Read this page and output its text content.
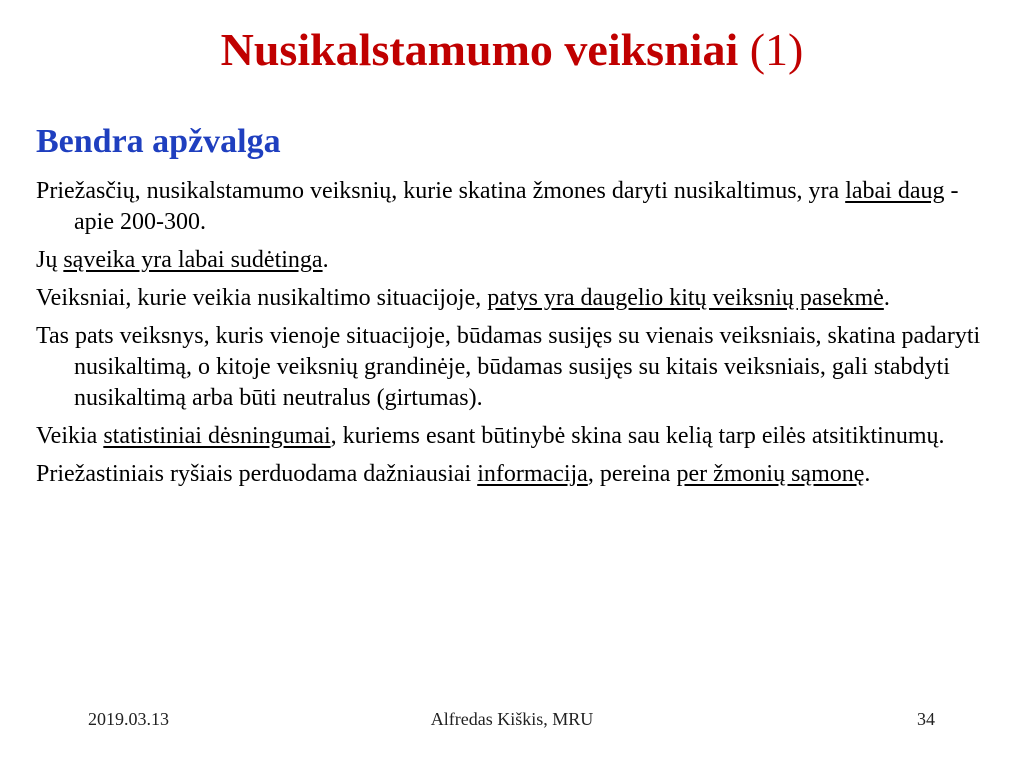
Nusikalstamumo veiksniai (1)
Bendra apžvalga

Priežasčių, nusikalstamumo veiksnių, kurie skatina žmones daryti nusikaltimus, yra labai daug - apie 200-300.

Jų sąveika yra labai sudėtinga.

Veiksniai, kurie veikia nusikaltimo situacijoje, patys yra daugelio kitų veiksnių pasekmė.

Tas pats veiksnys, kuris vienoje situacijoje, būdamas susijęs su vienais veiksniais, skatina padaryti nusikaltimą, o kitoje veiksnių grandinėje, būdamas susijęs su kitais veiksniais, gali stabdyti nusikaltimą arba būti neutralus (girtumas).

Veikia statistiniai dėsningumai, kuriems esant būtinybė skina sau kelią tarp eilės atsitiktinumų.

Priežastiniais ryšiais perduodama dažniausiai informacija, pereina per žmonių sąmonę.

2019.03.13	Alfredas Kiškis, MRU	34
